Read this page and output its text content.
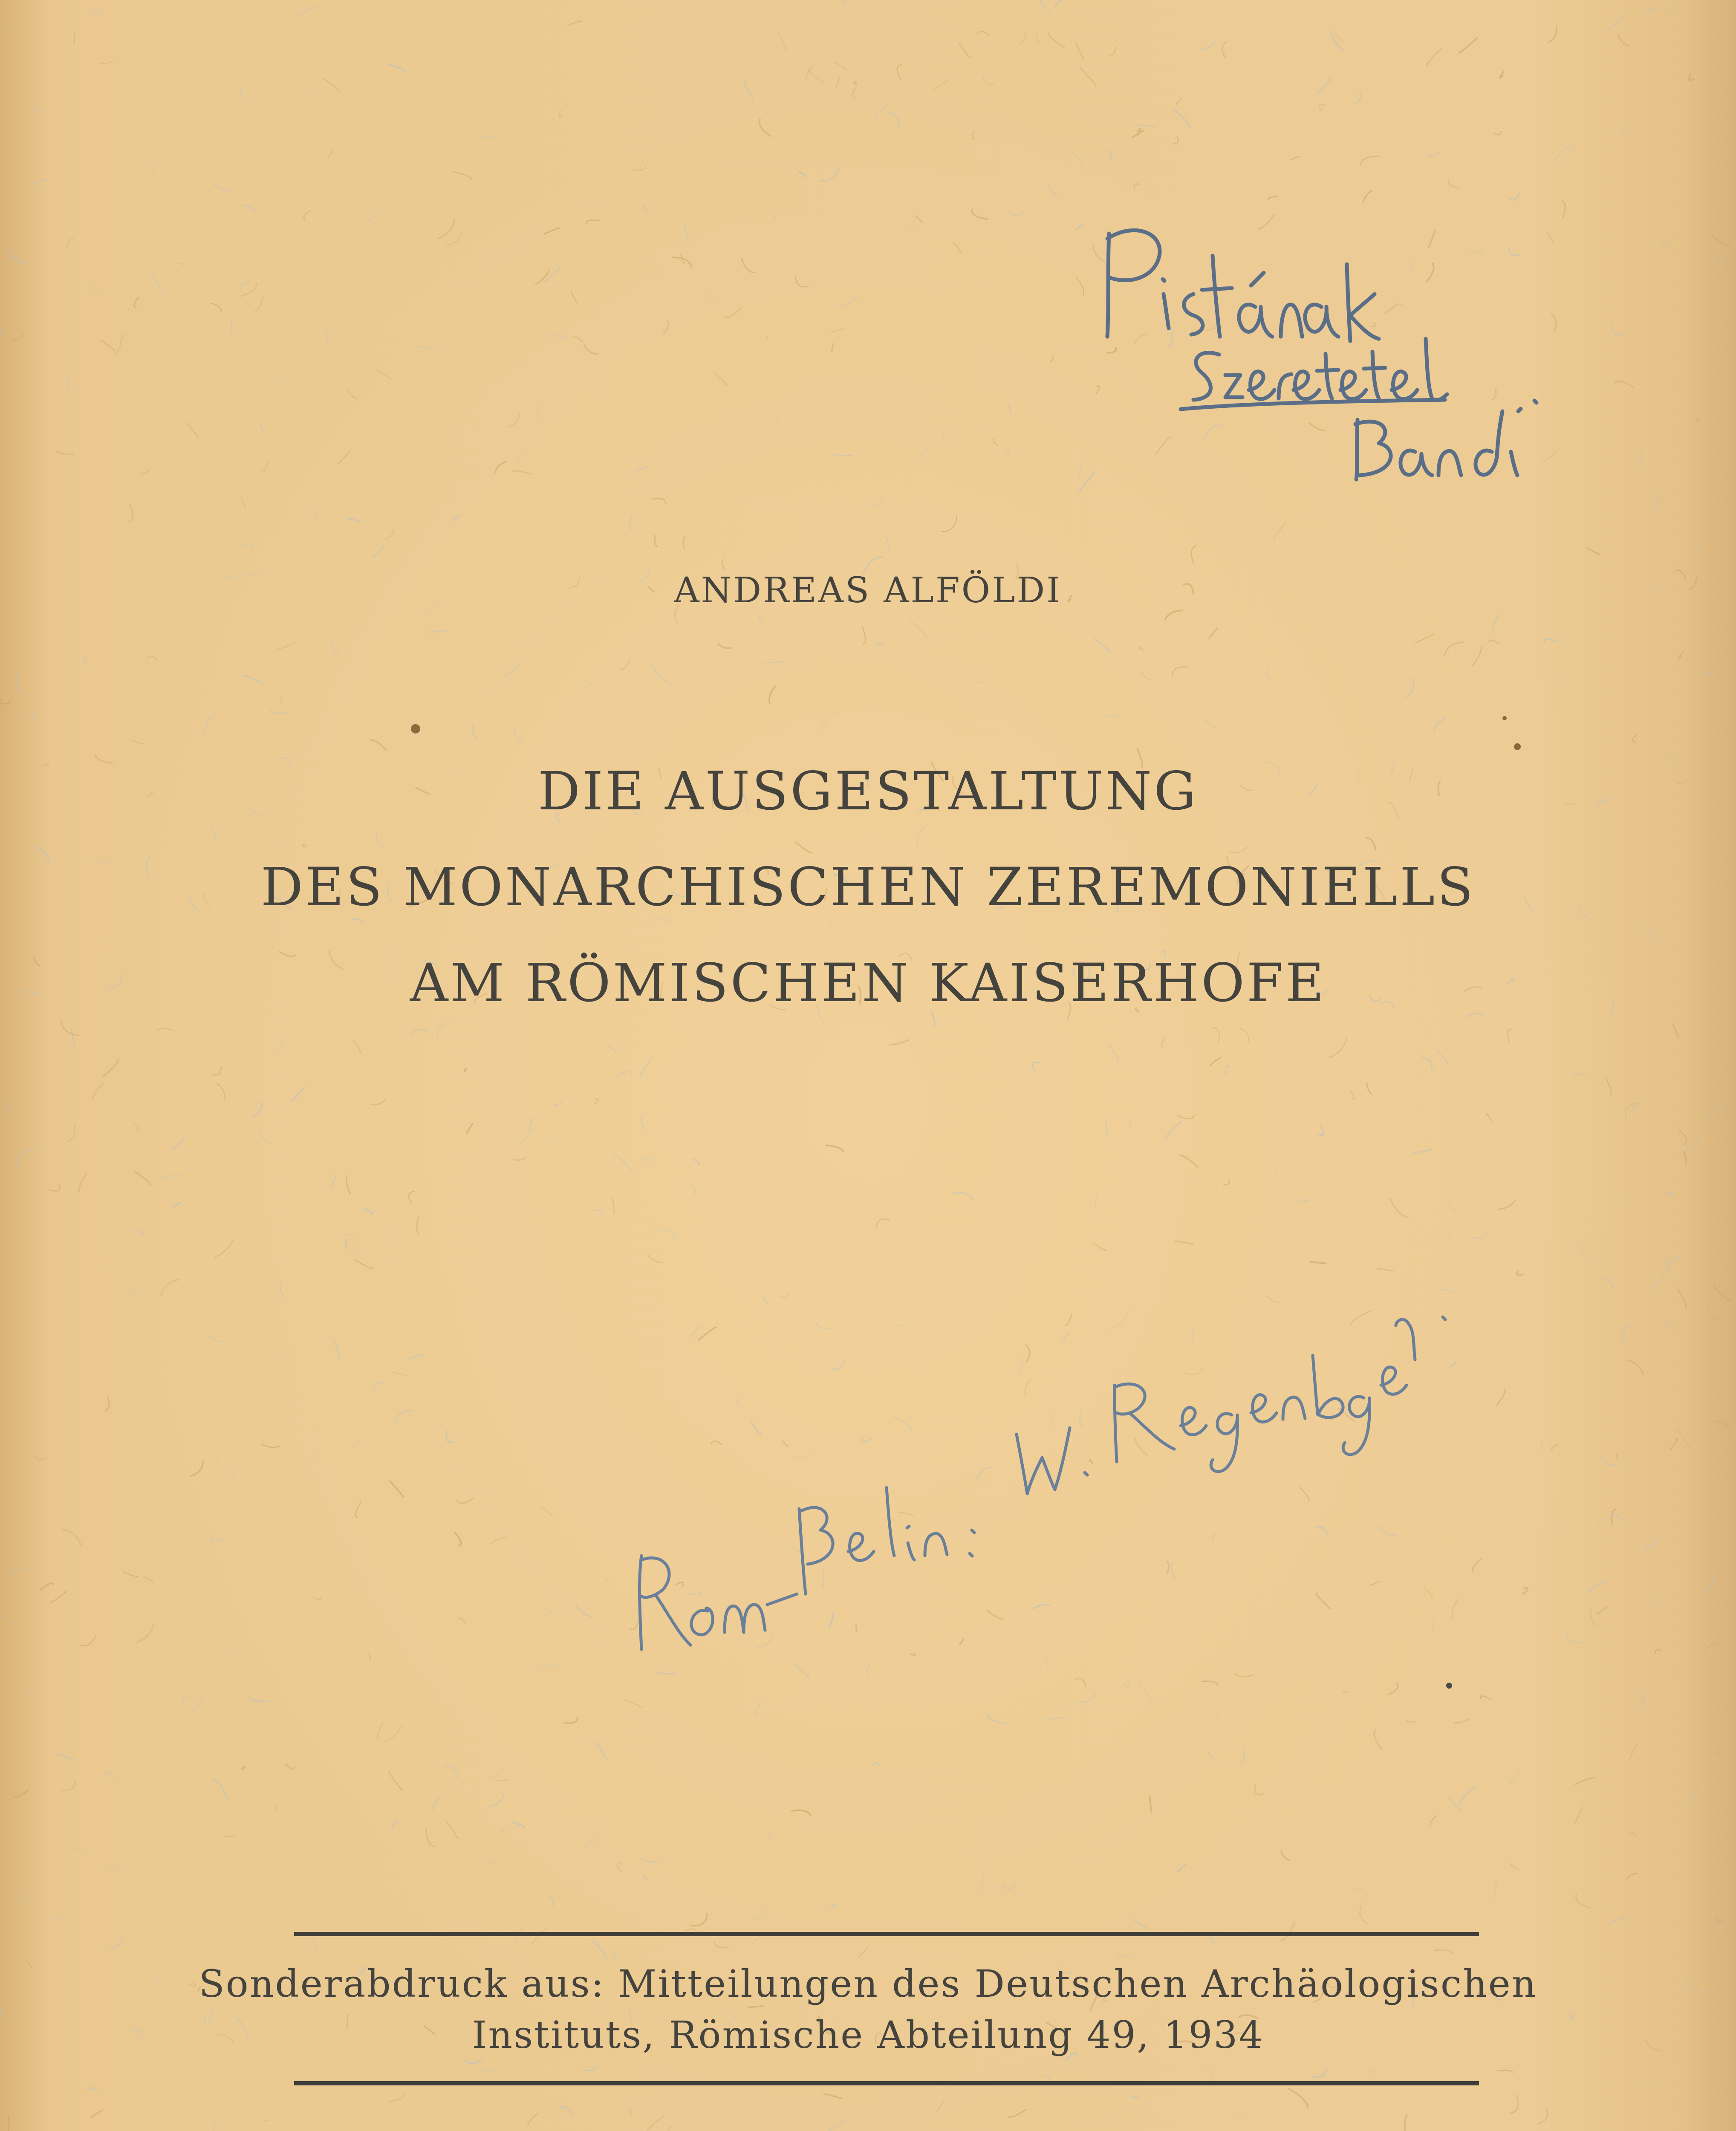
ANDREAS ALFÖLDI
DIE AUSGESTALTUNG
DES MONARCHISCHEN ZEREMONIELLS
AM RÖMISCHEN KAISERHOFE
Sonderabdruck aus: Mitteilungen des Deutschen Archäologischen
Instituts, Römische Abteilung 49, 1934
